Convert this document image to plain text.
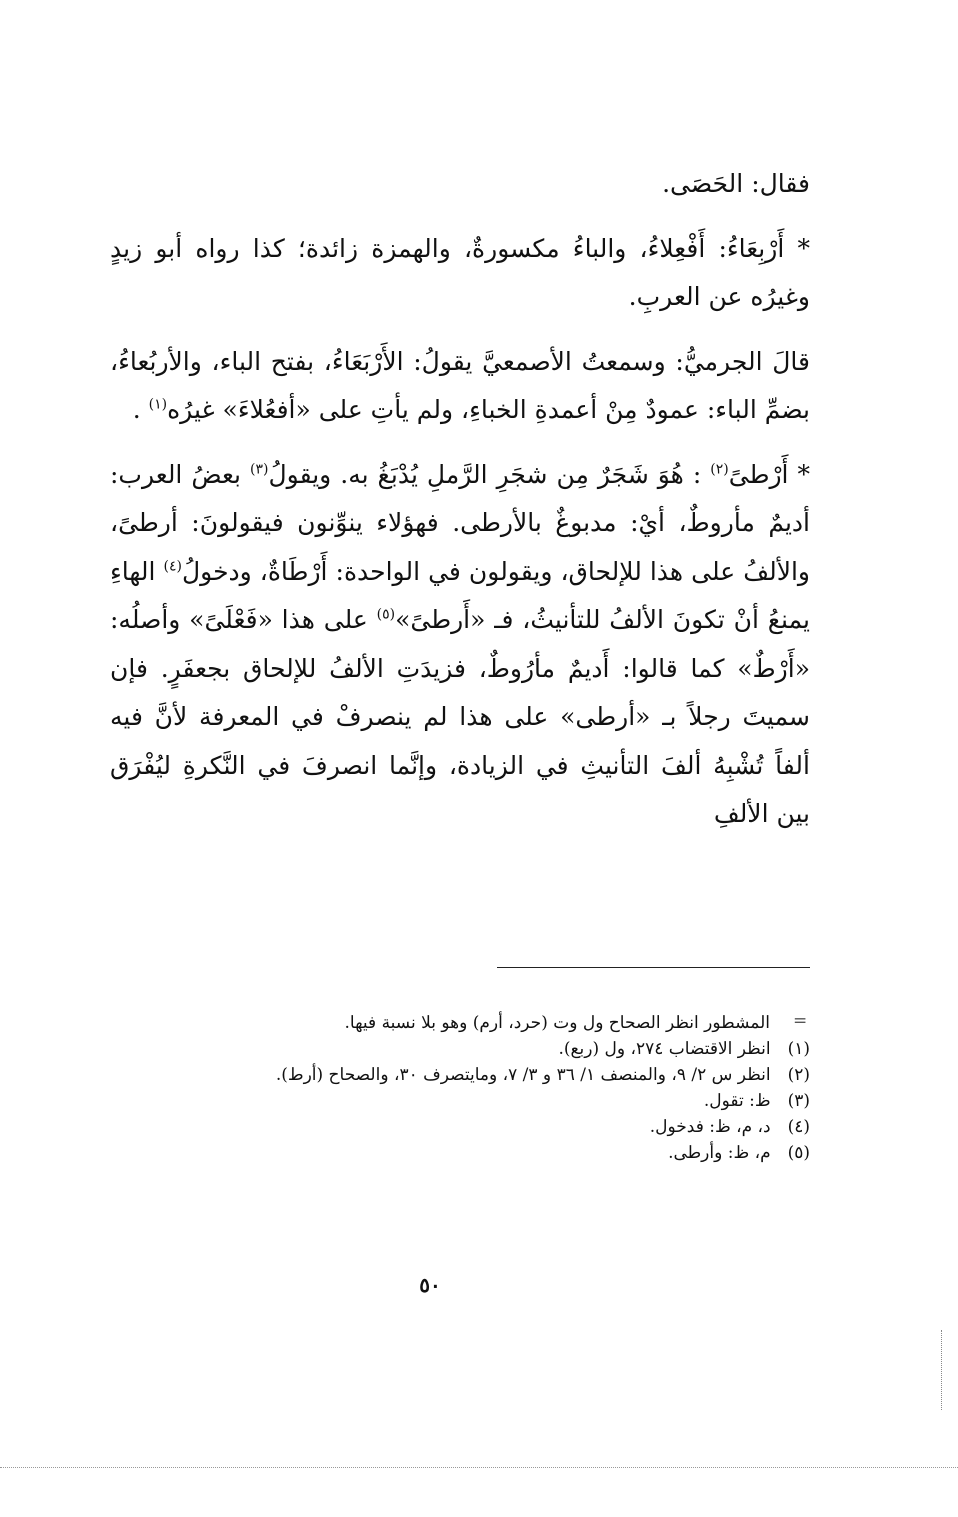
فقال: الحَصَى.

* أَرْبِعَاءُ: أَفْعِلاءُ، والباءُ مكسورةٌ، والهمزة زائدة؛ كذا رواه أبو زيدٍ وغيرُه عن العربِ.

قالَ الجرميُّ: وسمعتُ الأصمعيَّ يقولُ: الأَرْبَعَاءُ، بفتح الباء، والأربُعاءُ، بضمِّ الباء: عمودٌ مِنْ أعمدةِ الخباءِ، ولم يأتِ على «أفعُلاءَ» غيرُه$^{(١)}$ .

* أَرْطىً$^{(٢)}$ : هُوَ شَجَرٌ مِن شجَرِ الرَّملِ يُدْبَغُ به. ويقولُ$^{(٣)}$ بعضُ العرب: أديمٌ مأروطٌ، أيْ: مدبوغٌ بالأرطى. فهؤلاء ينوِّنون فيقولونَ: أرطىً، والألفُ على هذا للإلحاق، ويقولون في الواحدة: أَرْطَاةٌ، ودخولُ$^{(٤)}$ الهاءِ يمنعُ أنْ تكونَ الألفُ للتأنيثُ، فـ «أَرطىً»$^{(٥)}$ على هذا «فَعْلَىً» وأصلُه: «أَرْطٌ» كما قالوا: أَديمٌ مأرُوطٌ، فزيدَتِ الألفُ للإلحاق بجعفَرٍ. فإن سميتَ رجلاً بـ «أرطى» على هذا لم ينصرفْ في المعرفة لأنَّ فيه ألفاً تُشْبِهُ ألفَ التأنيثِ في الزيادة، وإنَّما انصرفَ في النَّكرةِ ليُفْرَق بين الألفِ

=
المشطور انظر الصحاح ول وت (حرد، أرم) وهو بلا نسبة فيها.
(١) انظر الاقتضاب ٢٧٤، ول (ربع).
(٢) انظر س ٢/ ٩، والمنصف ١/ ٣٦ و ٣/ ٧، ومايتصرف ٣٠، والصحاح (أرط).
(٣) ظ: تقول.
(٤) د، م، ظ: فدخول.
(٥) م، ظ: وأرطى.
٥٠
